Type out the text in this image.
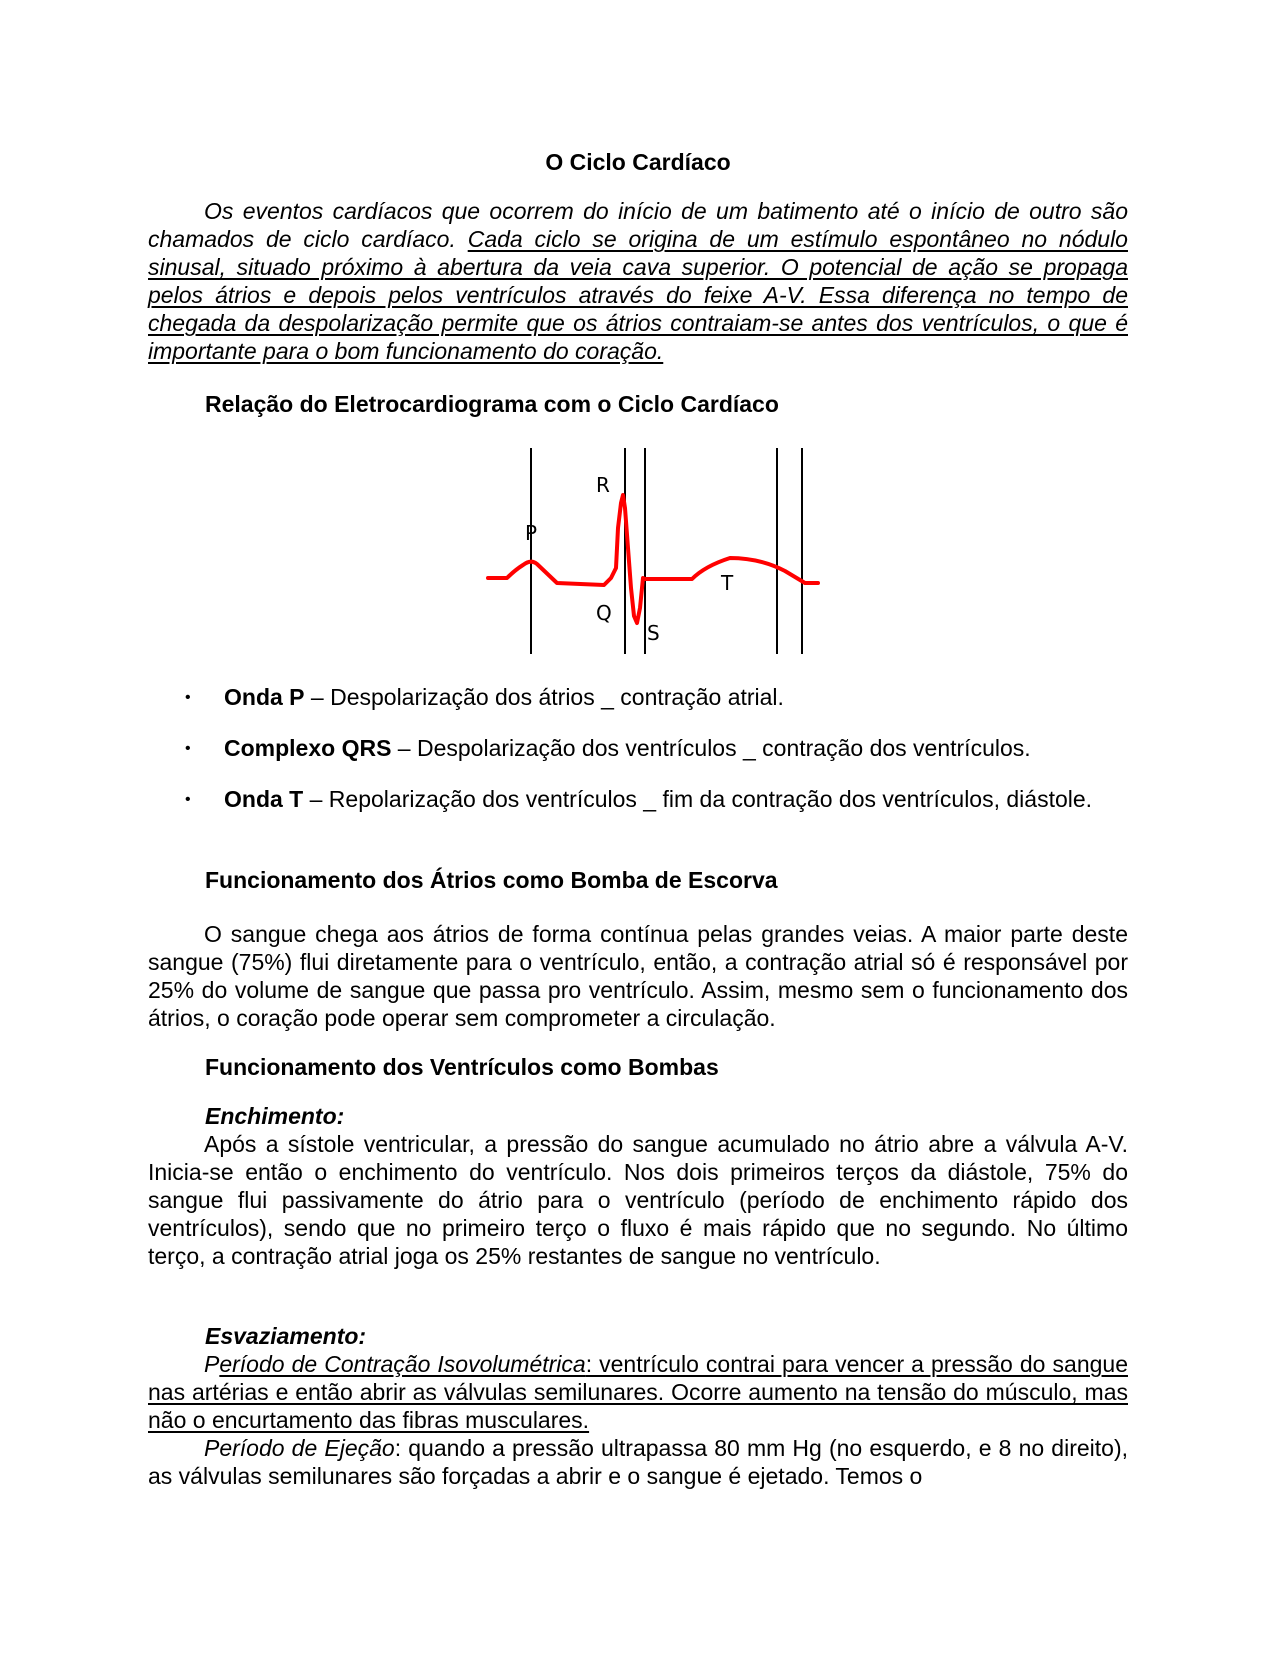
O Ciclo Cardíaco

Os eventos cardíacos que ocorrem do início de um batimento até o início de outro são chamados de ciclo cardíaco. Cada ciclo se origina de um estímulo espontâneo no nódulo sinusal, situado próximo à abertura da veia cava superior. O potencial de ação se propaga pelos átrios e depois pelos ventrículos através do feixe A-V. Essa diferença no tempo de chegada da despolarização permite que os átrios contraiam-se antes dos ventrículos, o que é importante para o bom funcionamento do coração.

Relação do Eletrocardiograma com o Ciclo Cardíaco
P
Q
R
S
T
• Onda P – Despolarização dos átrios _ contração atrial.
• Complexo QRS – Despolarização dos ventrículos _ contração dos ventrículos.
• Onda T – Repolarização dos ventrículos _ fim da contração dos ventrículos, diástole.
Funcionamento dos Átrios como Bomba de Escorva

O sangue chega aos átrios de forma contínua pelas grandes veias. A maior parte deste sangue (75%) flui diretamente para o ventrículo, então, a contração atrial só é responsável por 25% do volume de sangue que passa pro ventrículo. Assim, mesmo sem o funcionamento dos átrios, o coração pode operar sem comprometer a circulação.

Funcionamento dos Ventrículos como Bombas
Enchimento:

Após a sístole ventricular, a pressão do sangue acumulado no átrio abre a válvula A-V. Inicia-se então o enchimento do ventrículo. Nos dois primeiros terços da diástole, 75% do sangue flui passivamente do átrio para o ventrículo (período de enchimento rápido dos ventrículos), sendo que no primeiro terço o fluxo é mais rápido que no segundo. No último terço, a contração atrial joga os 25% restantes de sangue no ventrículo.

Esvaziamento:

Período de Contração Isovolumétrica: ventrículo contrai para vencer a pressão do sangue nas artérias e então abrir as válvulas semilunares. Ocorre aumento na tensão do músculo, mas não o encurtamento das fibras musculares.

Período de Ejeção: quando a pressão ultrapassa 80 mm Hg (no esquerdo, e 8 no direito), as válvulas semilunares são forçadas a abrir e o sangue é ejetado. Temos o
